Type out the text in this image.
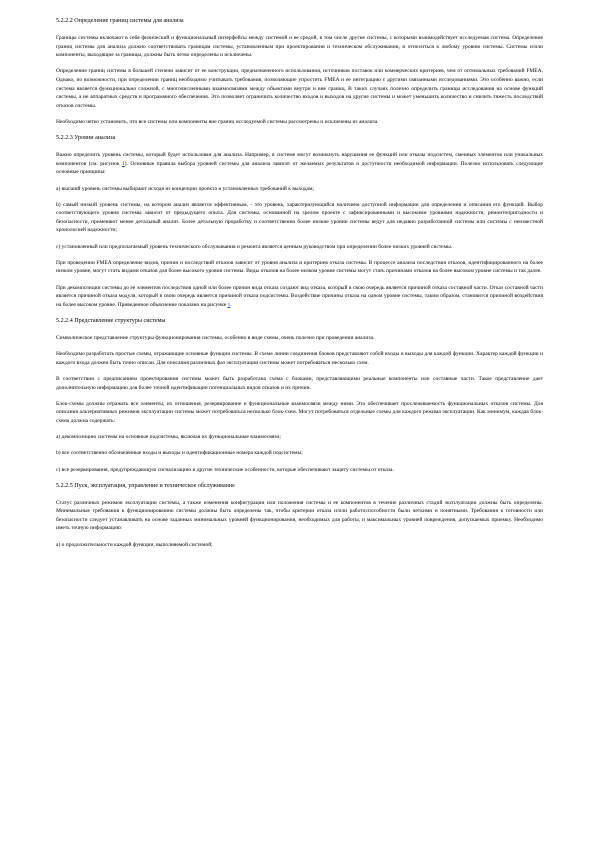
5.2.2.2 Определение границ системы для анализа

Границы системы включают в себя физический и функциональный интерфейсы между системой и ее средой, в том числе другие системы, с которыми взаимодействует исследуемая система. Определение границ системы для анализа должно соответствовать границам системы, установленным при проектировании и техническом обслуживании, и относиться к любому уровню системы. Системы и/или компоненты, выходящие за границы, должны быть четко определены и исключены.

Определение границ системы в большей степени зависит от ее конструкции, предназначенного использования, источников поставок или коммерческих критериев, чем от оптимальных требований FMEA. Однако, по возможности, при определении границ необходимо учитывать требования, позволяющие упростить FMEA и ее интеграцию с другими связанными исследованиями. Это особенно важно, если система является функционально сложной, с многочисленными взаимосвязями между объектами внутри и вне границ. В таких случаях полезно определить границы исследования на основе функций системы, а не аппаратных средств и программного обеспечения. Это позволяет ограничить количество входов и выходов на другие системы и может уменьшить количество и снизить тяжесть последствий отказов системы.

Необходимо четко установить, что все системы или компоненты вне границ исследуемой системы рассмотрены и исключены из анализа.

5.2.2.3 Уровни анализа

Важно определить уровень системы, который будет использован для анализа. Например, в системе могут возникнуть нарушения ее функций или отказы подсистем, сменных элементов или уникальных компонентов (см. рисунок 1). Основные правила выбора уровней системы для анализа зависят от желаемых результатов и доступности необходимой информации. Полезно использовать следующие основные принципы:

а) высший уровень системы выбирают исходя из концепции проекта и установленных требований к выходам;

b) самый низкий уровень системы, на котором анализ является эффективным, - это уровень, характеризующийся наличием доступной информации для определения и описания его функций. Выбор соответствующего уровня системы зависит от предыдущего опыта. Для системы, основанной на зрелом проекте с зафиксированными и высокими уровнями надежности, ремонтопригодности и безопасности, применяют менее детальный анализ. Более детальную проработку и соответственно более низкие уровни системы ведут для недавно разработанной системы или системы с неизвестной хронологией надежности;

c) установленный или предполагаемый уровень технического обслуживания и ремонта является ценным руководством при определении более низких уровней системы.

При проведении FMEA определение видов, причин и последствий отказов зависит от уровня анализа и критериев отказа системы. В процессе анализа последствия отказов, идентифицированного на более низком уровне, могут стать видами отказов для более высокого уровня системы. Виды отказов на более низком уровне системы могут стать причинами отказов на более высоком уровне системы и так далее.

При декомпозиции системы до ее элементов последствия одной или более причин вида отказа создают вид отказа, который в свою очередь является причиной отказа составной части. Отказ составной части является причиной отказа модуля, который в свою очередь является причиной отказа подсистемы. Воздействие причины отказа на одном уровне системы, таким образом, становится причиной воздействия на более высоком уровне. Приведенное объяснение показано на рисунке 1.

5.2.2.4 Представление структуры системы

Символическое представление структуры функционирования системы, особенно в виде схемы, очень полезно при проведении анализа.

Необходимо разработать простые схемы, отражающие основные функции системы. В схеме линии соединения блоков представляют собой входы и выходы для каждой функции. Характер каждой функции и каждого входа должен быть точно описан. Для описания различных фаз эксплуатации системы может потребоваться несколько схем.

В соответствии с предписанием проектирования системы может быть разработана схема с блоками, представляющими реальные компоненты или составные части. Такое представление дает дополнительную информацию для более точной идентификации потенциальных видов отказов и их причин.

Блок-схемы должны отражать все элементы, их отношения, резервирование и функциональные взаимосвязи между ними. Это обеспечивает прослеживаемость функциональных отказов системы. Для описания альтернативных режимов эксплуатации системы может потребоваться несколько блок-схем. Могут потребоваться отдельные схемы для каждого режима эксплуатации. Как минимум, каждая блок-схема должна содержать:

а) декомпозицию системы на основные подсистемы, включая их функциональные взаимосвязи;

b) все соответственно обозначенные входы и выходы и идентификационные номера каждой подсистемы;

c) все резервирования, предупреждающую сигнализацию и другие технические особенности, которые обеспечивают защиту системы от отказа.

5.2.2.5 Пуск, эксплуатация, управление и техническое обслуживание

Статус различных режимов эксплуатации системы, а также изменения конфигурации или положения системы и ее компонентов в течение различных стадий эксплуатации должны быть определены. Минимальные требования к функционированию системы должны быть определены так, чтобы критерии отказа и/или работоспособности были четкими и понятными. Требования к готовности или безопасности следует устанавливать на основе заданных минимальных уровней функционирования, необходимых для работы, и максимальных уровней повреждения, допускаемых приемку. Необходимо иметь точную информацию:

а) о продолжительности каждой функции, выполняемой системой;
